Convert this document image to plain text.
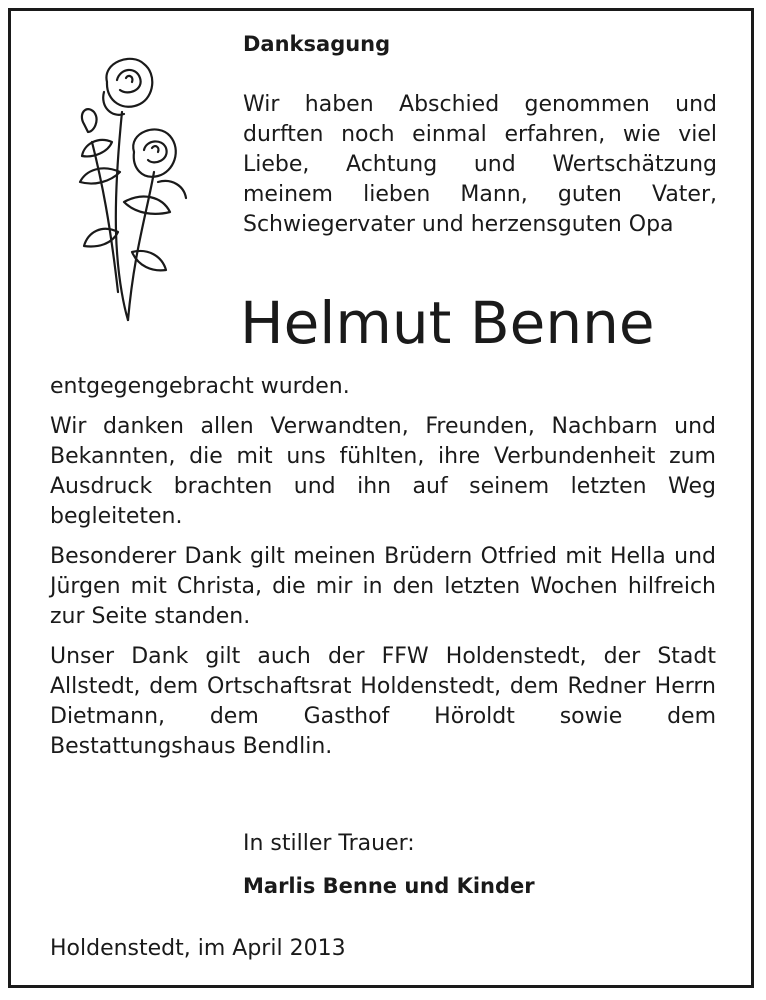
Danksagung

Wir haben Abschied genommen und durften noch einmal erfahren, wie viel Liebe, Achtung und Wertschätzung meinem lieben Mann, guten Vater, Schwiegervater und herzensguten Opa

Helmut Benne

entgegengebracht wurden.

Wir danken allen Verwandten, Freunden, Nachbarn und Bekannten, die mit uns fühlten, ihre Verbundenheit zum Ausdruck brachten und ihn auf seinem letzten Weg begleiteten.

Besonderer Dank gilt meinen Brüdern Otfried mit Hella und Jürgen mit Christa, die mir in den letzten Wochen hilfreich zur Seite standen.

Unser Dank gilt auch der FFW Holdenstedt, der Stadt Allstedt, dem Ortschaftsrat Holdenstedt, dem Redner Herrn Dietmann, dem Gasthof Höroldt sowie dem Bestattungshaus Bendlin.

In stiller Trauer:

Marlis Benne und Kinder

Holdenstedt, im April 2013
